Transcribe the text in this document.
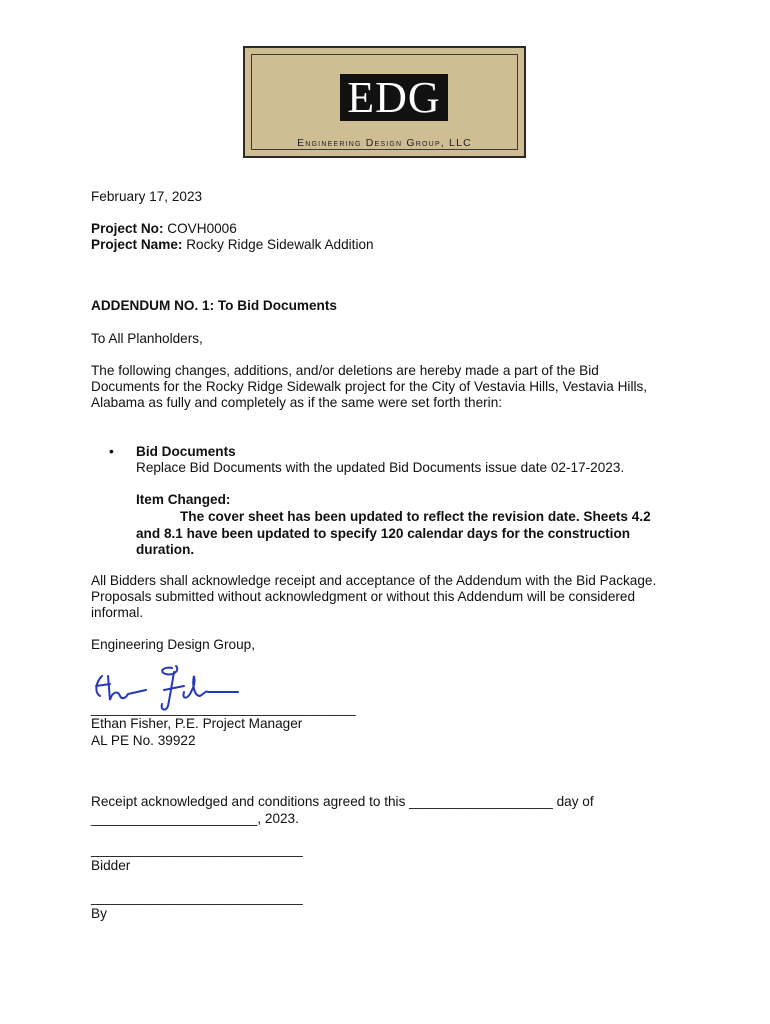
EDG
Engineering Design Group, LLC
February 17, 2023
Project No: COVH0006
Project Name: Rocky Ridge Sidewalk Addition
ADDENDUM NO. 1: To Bid Documents
To All Planholders,
The following changes, additions, and/or deletions are hereby made a part of the Bid
Documents for the Rocky Ridge Sidewalk project for the City of Vestavia Hills, Vestavia Hills,
Alabama as fully and completely as if the same were set forth therin:
• Bid Documents
Replace Bid Documents with the updated Bid Documents issue date 02-17-2023.
Item Changed:
The cover sheet has been updated to reflect the revision date. Sheets 4.2
and 8.1 have been updated to specify 120 calendar days for the construction
duration.
All Bidders shall acknowledge receipt and acceptance of the Addendum with the Bid Package.
Proposals submitted without acknowledgment or without this Addendum will be considered
informal.
Engineering Design Group,
___________________________________
Ethan Fisher, P.E. Project Manager
AL PE No. 39922
Receipt acknowledged and conditions agreed to this ___________________ day of
______________________, 2023.
____________________________
Bidder
____________________________
By
